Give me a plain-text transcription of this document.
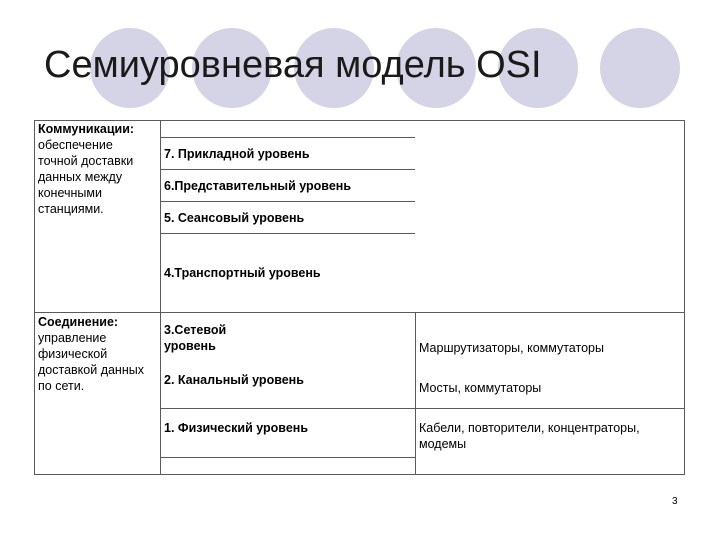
Семиуровневая модель OSI
Коммуникации:
обеспечение
точной доставки
данных между
конечными
станциями.
Соединение:
управление
физической
доставкой данных
по сети.
7. Прикладной уровень
6.Представительный уровень
5. Сеансовый уровень
4.Транспортный уровень
3.Сетевой
уровень
2. Канальный уровень
1. Физический уровень
Маршрутизаторы, коммутаторы
Мосты, коммутаторы
Кабели, повторители, концентраторы,
модемы
3
